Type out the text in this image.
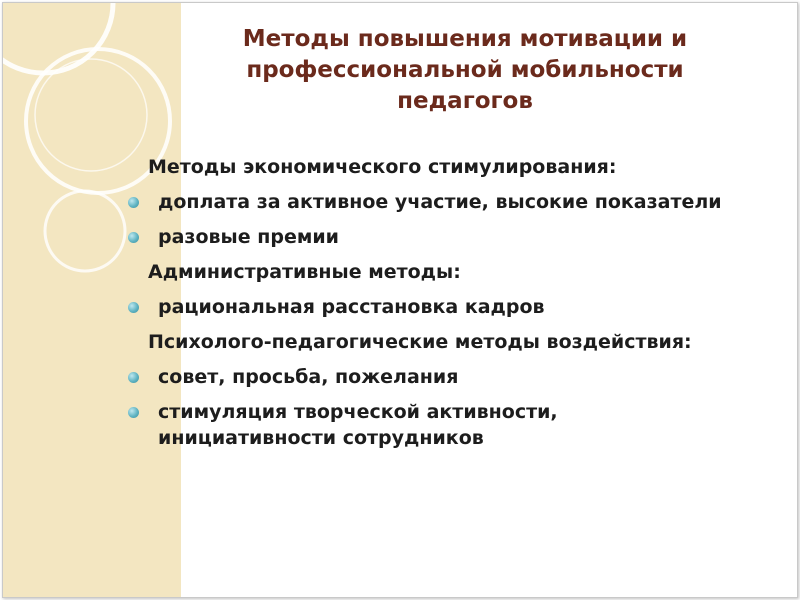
Методы повышения мотивации и профессиональной мобильности педагогов
Методы экономического стимулирования:
доплата за активное участие, высокие показатели
разовые премии
Административные методы:
рациональная расстановка кадров
Психолого-педагогические методы воздействия:
совет, просьба, пожелания
стимуляция творческой активности, инициативности сотрудников
